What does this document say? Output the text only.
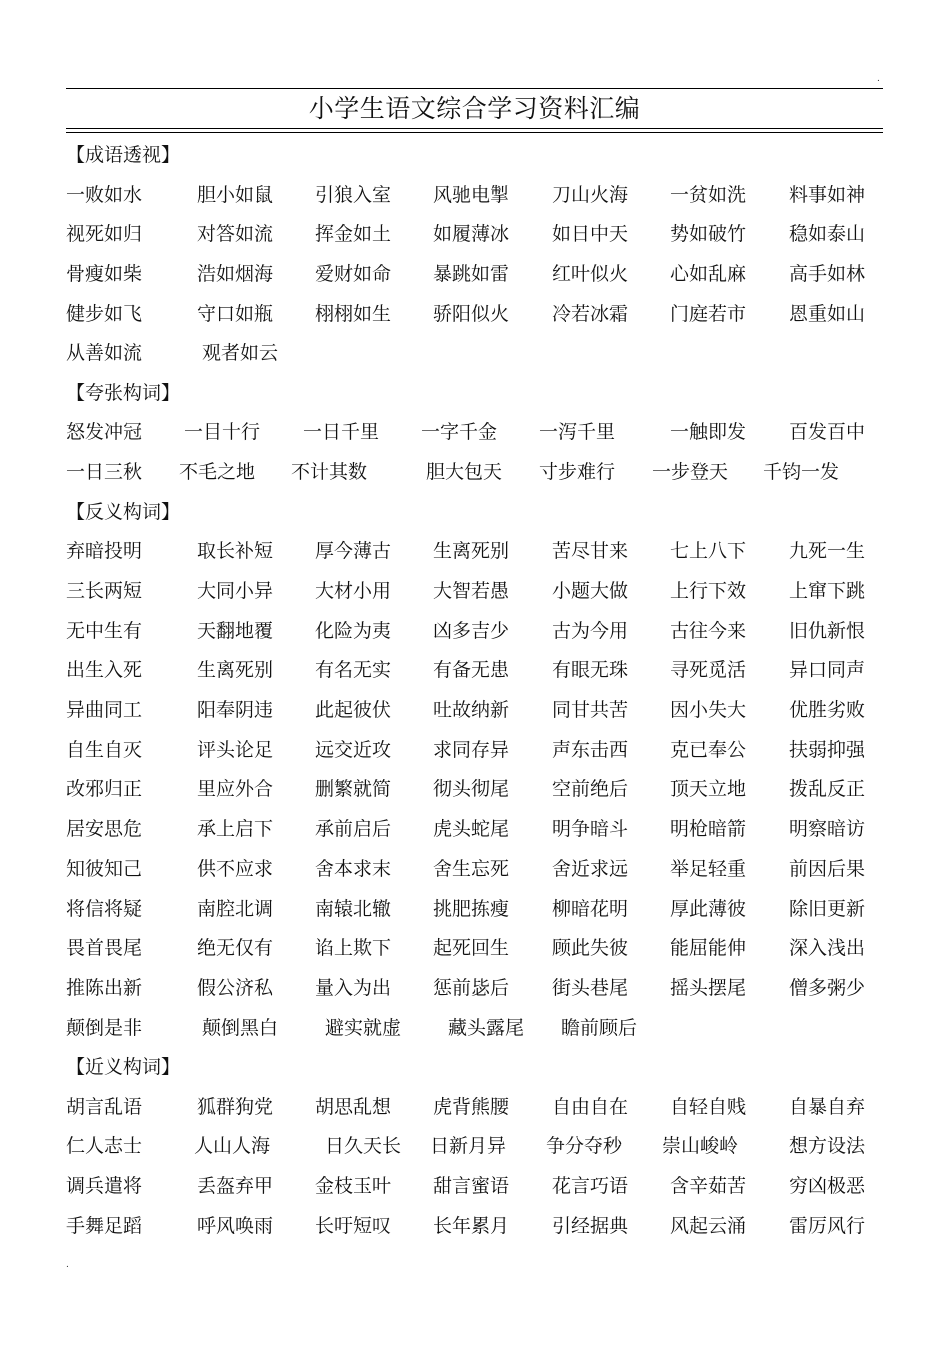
.
小学生语文综合学习资料汇编
【成语透视】
一败如水	胆小如鼠 引狼入室 风驰电掣 刀山火海 一贫如洗 料事如神
视死如归	对答如流 挥金如土 如履薄冰 如日中天 势如破竹 稳如泰山
骨瘦如柴	浩如烟海 爱财如命 暴跳如雷 红叶似火 心如乱麻 高手如林
健步如飞	守口如瓶 栩栩如生 骄阳似火 冷若冰霜 门庭若市 恩重如山
从善如流	观者如云
【夸张构词】
怒发冲冠 一目十行 一日千里 一字千金 一泻千里	一触即发 百发百中
一日三秋 不毛之地 不计其数	胆大包天 寸步难行 一步登天 千钧一发
【反义构词】
弃暗投明	取长补短 厚今薄古 生离死别 苦尽甘来 七上八下 九死一生
三长两短	大同小异 大材小用 大智若愚 小题大做 上行下效 上窜下跳
无中生有	天翻地覆 化险为夷 凶多吉少 古为今用 古往今来 旧仇新恨
出生入死	生离死别 有名无实 有备无患 有眼无珠 寻死觅活 异口同声
异曲同工	阳奉阴违 此起彼伏 吐故纳新 同甘共苦 因小失大 优胜劣败
自生自灭	评头论足 远交近攻 求同存异 声东击西 克已奉公 扶弱抑强
改邪归正	里应外合 删繁就简 彻头彻尾 空前绝后 顶天立地 拨乱反正
居安思危	承上启下 承前启后 虎头蛇尾 明争暗斗 明枪暗箭 明察暗访
知彼知己	供不应求 舍本求末 舍生忘死 舍近求远 举足轻重 前因后果
将信将疑	南腔北调 南辕北辙 挑肥拣瘦 柳暗花明 厚此薄彼 除旧更新
畏首畏尾	绝无仅有 谄上欺下 起死回生 顾此失彼 能屈能伸 深入浅出
推陈出新	假公济私 量入为出 惩前毖后 街头巷尾 摇头摆尾 僧多粥少
颠倒是非	颠倒黑白 避实就虚 藏头露尾 瞻前顾后
【近义构词】
胡言乱语	狐群狗党 胡思乱想 虎背熊腰 自由自在 自轻自贱 自暴自弃
仁人志士	人山人海	日久天长 日新月异 争分夺秒 崇山峻岭	想方设法
调兵遣将	丢盔弃甲 金枝玉叶 甜言蜜语 花言巧语 含辛茹苦 穷凶极恶
手舞足蹈	呼风唤雨 长吁短叹 长年累月 引经据典 风起云涌 雷厉风行
.
